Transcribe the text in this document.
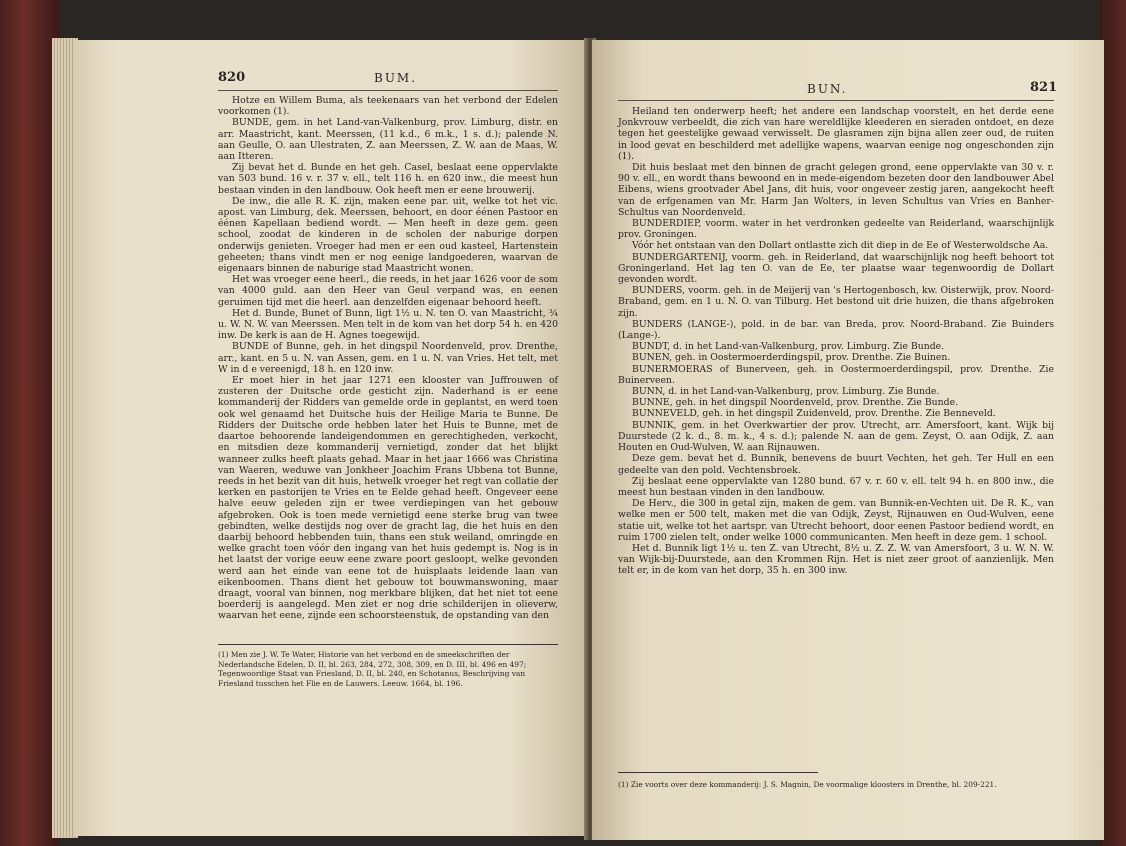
820	BUM.

Hotze en Willem Buma, als teekenaars van het verbond der Edelen voorkomen (1).

BUNDE, gem. in het Land-van-Valkenburg, prov. Limburg, distr. en arr. Maastricht, kant. Meerssen, (11 k.d., 6 m.k., 1 s. d.); palende N. aan Geulle, O. aan Ulestraten, Z. aan Meerssen, Z. W. aan de Maas, W. aan Itteren.

Zij bevat het d. Bunde en het geh. Casel, beslaat eene oppervlakte van 503 bund. 16 v. r. 37 v. ell., telt 116 h. en 620 inw., die meest hun bestaan vinden in den landbouw. Ook heeft men er eene brouwerij.

De inw., die alle R. K. zijn, maken eene par. uit, welke tot het vic. apost. van Limburg, dek. Meerssen, behoort, en door éénen Pastoor en éénen Kapellaan bediend wordt. — Men heeft in deze gem. geen school, zoodat de kinderen in de scholen der naburige dorpen onderwijs genieten. Vroeger had men er een oud kasteel, Hartenstein geheeten; thans vindt men er nog eenige landgoederen, waarvan de eigenaars binnen de naburige stad Maastricht wonen.

Het was vroeger eene heerl., die reeds, in het jaar 1626 voor de som van 4000 guld. aan den Heer van Geul verpand was, en eenen geruimen tijd met die heerl. aan denzelfden eigenaar behoord heeft.

Het d. Bunde, Bunet of Bunn, ligt 1½ u. N. ten O. van Maastricht, ¾ u. W. N. W. van Meerssen. Men telt in de kom van het dorp 54 h. en 420 inw. De kerk is aan de H. Agnes toegewijd.

BUNDE of Bunne, geh. in het dingspil Noordenveld, prov. Drenthe, arr., kant. en 5 u. N. van Assen, gem. en 1 u. N. van Vries. Het telt, met W in d e vereenigd, 18 h. en 120 inw.

Er moet hier in het jaar 1271 een klooster van Juffrouwen of zusteren der Duitsche orde gesticht zijn. Naderhand is er eene kommanderij der Ridders van gemelde orde in geplantst, en werd toen ook wel genaamd het Duitsche huis der Heilige Maria te Bunne. De Ridders der Duitsche orde hebben later het Huis te Bunne, met de daartoe behoorende landeigendommen en gerechtigheden, verkocht, en mitsdien deze kommanderij vernietigd, zonder dat het blijkt wanneer zulks heeft plaats gehad. Maar in het jaar 1666 was Christina van Waeren, weduwe van Jonkheer Joachim Frans Ubbena tot Bunne, reeds in het bezit van dit huis, hetwelk vroeger het regt van collatie der kerken en pastorijen te Vries en te Eelde gehad heeft. Ongeveer eene halve eeuw geleden zijn er twee verdiepingen van het gebouw afgebroken. Ook is toen mede vernietigd eene sterke brug van twee gebindten, welke destijds nog over de gracht lag, die het huis en den daarbij behoord hebbenden tuin, thans een stuk weiland, omringde en welke gracht toen vóór den ingang van het huis gedempt is. Nog is in het laatst der vorige eeuw eene zware poort gesloopt, welke gevonden werd aan het einde van eene tot de huisplaats leidende laan van eikenboomen. Thans dient het gebouw tot bouwmanswoning, maar draagt, vooral van binnen, nog merkbare blijken, dat het niet tot eene boerderij is aangelegd. Men ziet er nog drie schilderijen in olieverw, waarvan het eene, zijnde een schoorsteenstuk, de opstanding van den

(1) Men zie J. W. Te Water, Historie van het verbond en de smeekschriften der Nederlandsche Edelen, D. II, bl. 263, 284, 272, 308, 309, en D. III, bl. 496 en 497; Tegenwoordige Staat van Friesland, D. II, bl. 240, en Schotanus, Beschrijving van Friesland tusschen het Flie en de Lauwers. Leeuw. 1664, bl. 196.
BUN.	821

Heiland ten onderwerp heeft; het andere een landschap voorstelt, en het derde eene Jonkvrouw verbeeldt, die zich van hare wereldlijke kleederen en sieraden ontdoet, en deze tegen het geestelijke gewaad verwisselt. De glasramen zijn bijna allen zeer oud, de ruiten in lood gevat en beschilderd met adellijke wapens, waarvan eenige nog ongeschonden zijn (1).

Dit huis beslaat met den binnen de gracht gelegen grond, eene oppervlakte van 30 v. r. 90 v. ell., en wordt thans bewoond en in mede-eigendom bezeten door den landbouwer Abel Eibens, wiens grootvader Abel Jans, dit huis, voor ongeveer zestig jaren, aangekocht heeft van de erfgenamen van Mr. Harm Jan Wolters, in leven Schultus van Vries en Banher-Schultus van Noordenveld.

BUNDERDIEP, voorm. water in het verdronken gedeelte van Reiderland, waarschijnlijk prov. Groningen.

Vóór het ontstaan van den Dollart ontlastte zich dit diep in de Ee of Westerwoldsche Aa.

BUNDERGARTENIJ, voorm. geh. in Reiderland, dat waarschijnlijk nog heeft behoort tot Groningerland. Het lag ten O. van de Ee, ter plaatse waar tegenwoordig de Dollart gevonden wordt.

BUNDERS, voorm. geh. in de Meijerij van 's Hertogenbosch, kw. Oisterwijk, prov. Noord-Braband, gem. en 1 u. N. O. van Tilburg. Het bestond uit drie huizen, die thans afgebroken zijn.

BUNDERS (LANGE-), pold. in de bar. van Breda, prov. Noord-Braband. Zie Buinders (Lange-).

BUNDT, d. in het Land-van-Valkenburg, prov. Limburg. Zie Bunde.

BUNEN, geh. in Oostermoerderdingspil, prov. Drenthe. Zie Buinen.

BUNERMOERAS of Bunerveen, geh. in Oostermoerderdingspil, prov. Drenthe. Zie Buinerveen.

BUNN, d. in het Land-van-Valkenburg, prov. Limburg. Zie Bunde.

BUNNE, geh. in het dingspil Noordenveld, prov. Drenthe. Zie Bunde.

BUNNEVELD, geh. in het dingspil Zuidenveld, prov. Drenthe. Zie Benneveld.

BUNNIK, gem. in het Overkwartier der prov. Utrecht, arr. Amersfoort, kant. Wijk bij Duurstede (2 k. d., 8. m. k., 4 s. d.); palende N. aan de gem. Zeyst, O. aan Odijk, Z. aan Houten en Oud-Wulven, W. aan Rijnauwen.

Deze gem. bevat het d. Bunnik, benevens de buurt Vechten, het geh. Ter Hull en een gedeelte van den pold. Vechtensbroek.

Zij beslaat eene oppervlakte van 1280 bund. 67 v. r. 60 v. ell. telt 94 h. en 800 inw., die meest hun bestaan vinden in den landbouw.

De Herv., die 300 in getal zijn, maken de gem. van Bunnik-en-Vechten uit. De R. K., van welke men er 500 telt, maken met die van Odijk, Zeyst, Rijnauwen en Oud-Wulven, eene statie uit, welke tot het aartspr. van Utrecht behoort, door eenen Pastoor bediend wordt, en ruim 1700 zielen telt, onder welke 1000 communicanten. Men heeft in deze gem. 1 school.

Het d. Bunnik ligt 1½ u. ten Z. van Utrecht, 8½ u. Z. Z. W. van Amersfoort, 3 u. W. N. W. van Wijk-bij-Duurstede, aan den Krommen Rijn. Het is niet zeer groot of aanzienlijk. Men telt er, in de kom van het dorp, 35 h. en 300 inw.

(1) Zie voorts over deze kommanderij: J. S. Magnin, De voormalige kloosters in Drenthe, bl. 209-221.
